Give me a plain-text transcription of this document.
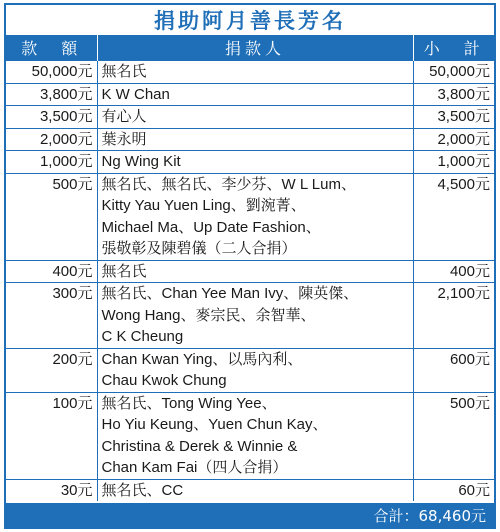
捐助阿月善長芳名
款　額	捐款人	小　計
50,000元	無名氏	50,000元
3,800元	K W Chan	3,800元
3,500元	有心人	3,500元
2,000元	葉永明	2,000元
1,000元	Ng Wing Kit	1,000元
500元	無名氏、無名氏、李少芬、W L Lum、
Kitty Yau Yuen Ling、劉涴菁、
Michael Ma、Up Date Fashion、
張敬彰及陳碧儀（二人合捐）	4,500元
400元	無名氏	400元
300元	無名氏、Chan Yee Man Ivy、陳英傑、
Wong Hang、麥宗民、余智華、
C K Cheung	2,100元
200元	Chan Kwan Ying、以馬內利、
Chau Kwok Chung	600元
100元	無名氏、Tong Wing Yee、
Ho Yiu Keung、Yuen Chun Kay、
Christina & Derek & Winnie &
Chan Kam Fai（四人合捐）	500元
30元	無名氏、CC	60元
合計：68,460元
